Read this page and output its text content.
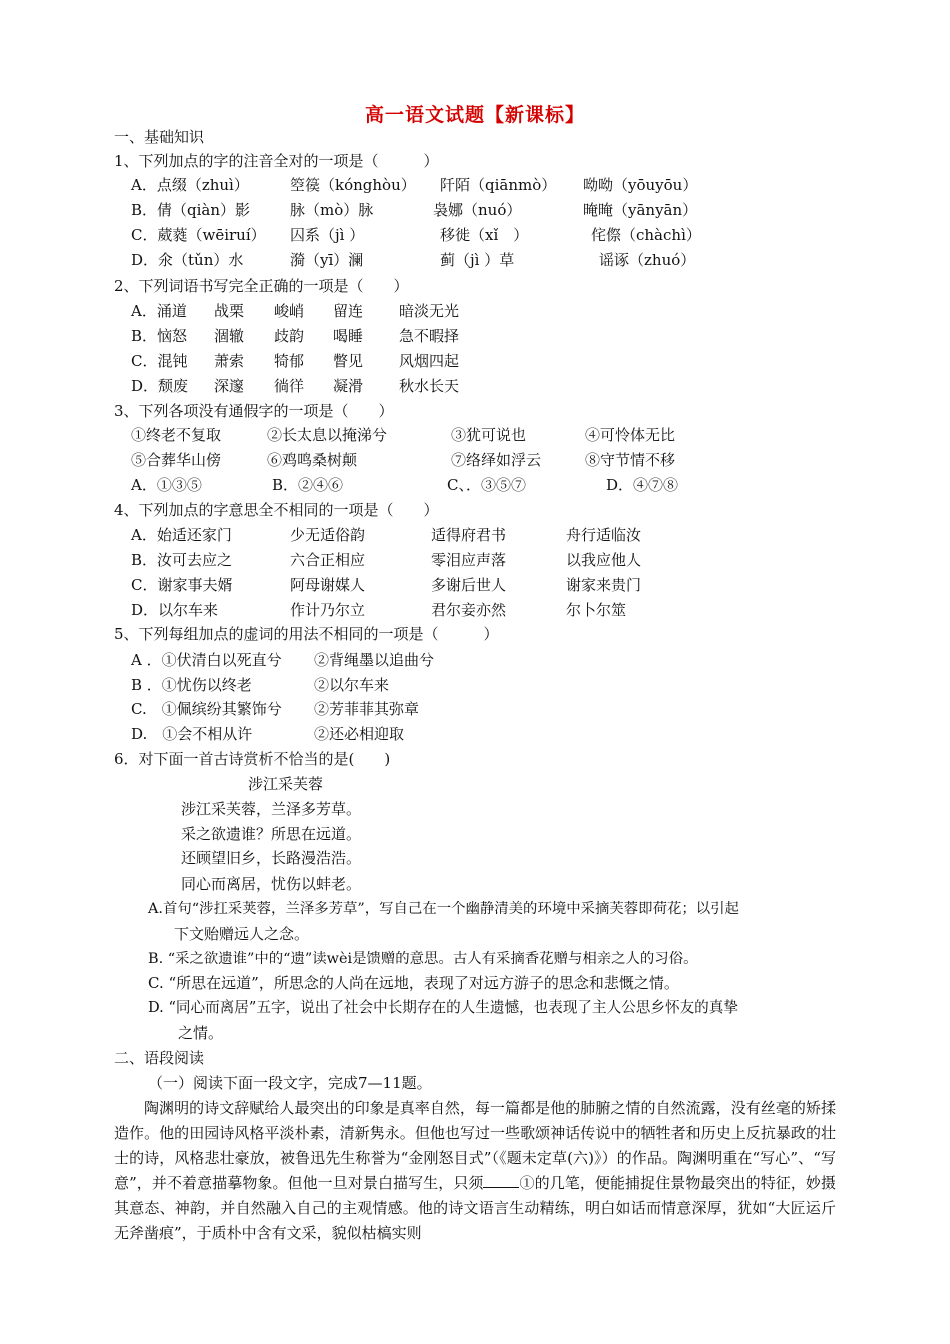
高一语文试题【新课标】
一、基础知识
1、下列加点的字的注音全对的一项是（　　　）
A．点缀（zhuì）	箜篌（kónghòu） 阡陌（qiānmò） 呦呦（yōuyōu）
B．倩（qiàn）影	脉（mò）脉	袅娜（nuó）	晻晻（yānyān）
C．葳蕤（wēiruí） 囚系（jì ）	移徙（xǐ　）	侘傺（chàchì）
D．氽（tǔn）水	漪（yī）澜	蓟（jì ）草	谣诼（zhuó）
2、下列词语书写完全正确的一项是（　　）
A．涌道 战栗 峻峭 留连 暗淡无光
B．恼怒 涸辙 歧韵 喝睡 急不暇择
C．混钝 萧索 犄郁 瞥见 风烟四起
D．颓废 深邃 徜徉 凝滑 秋水长天
3、下列各项没有通假字的一项是（　　）
①终老不复取	②长太息以掩涕兮	③犹可说也	④可怜体无比
⑤合葬华山傍	⑥鸡鸣桑树颠	⑦络绎如浮云	⑧守节情不移
A．①③⑤	B．②④⑥	C、．③⑤⑦	D．④⑦⑧
4、下列加点的字意思全不相同的一项是（　　）
A．始适还家门	少无适俗韵	适得府君书	舟行适临汝
B．汝可去应之	六合正相应	零泪应声落	以我应他人
C．谢家事夫婿	阿母谢媒人	多谢后世人	谢家来贵门
D．以尔车来	作计乃尔立	君尔妾亦然	尔卜尔筮
5、下列每组加点的虚词的用法不相同的一项是（　　　）
A ．①伏清白以死直兮 ②背绳墨以追曲兮
B ．①忧伤以终老	②以尔车来
C.　①佩缤纷其繁饰兮 ②芳菲菲其弥章
D.　①会不相从许	②还必相迎取
6．对下面一首古诗赏析不恰当的是(　　)
涉江采芙蓉
涉江采芙蓉，兰泽多芳草。
采之欲遗谁？所思在远道。
还顾望旧乡，长路漫浩浩。
同心而离居，忧伤以蚌老。
A.首句“涉扛采荚蓉，兰泽多芳草”，写自己在一个幽静清美的环境中采摘芙蓉即荷花；以引起
下文贻赠远人之念。
B. “采之欲遗谁”中的“遗”读wèi是馈赠的意思。古人有采摘香花赠与相亲之人的习俗。
C. “所思在远道”，所思念的人尚在远地，表现了对远方游子的思念和悲慨之情。
D. “同心而离居”五字，说出了社会中长期存在的人生遗憾，也表现了主人公思乡怀友的真挚
之情。
二、语段阅读
（一）阅读下面一段文字，完成7—11题。
陶渊明的诗文辞赋给人最突出的印象是真率自然，每一篇都是他的肺腑之情的自然流露，没有丝毫的矫揉造作。他的田园诗风格平淡朴素，清新隽永。但他也写过一些歌颂神话传说中的牺牲者和历史上反抗暴政的壮士的诗，风格悲壮豪放，被鲁迅先生称誉为“金刚怒目式”（《题未定草(六)》）的作品。陶渊明重在“写心”、“写意”，并不着意描摹物象。但他一旦对景白描写生，只须 ①的几笔，便能捕捉住景物最突出的特征，妙摄其意态、神韵，并自然融入自己的主观情感。他的诗文语言生动精练，明白如话而情意深厚，犹如“大匠运斤无斧凿痕”，于质朴中含有文采，貌似枯槁实则
